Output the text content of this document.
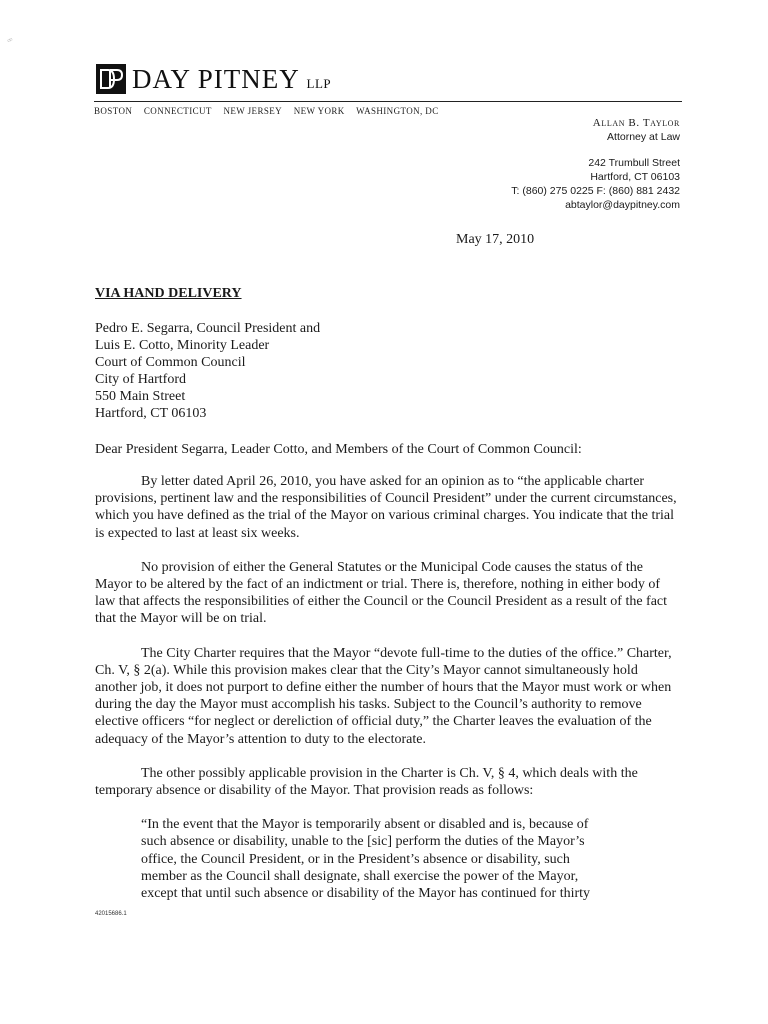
ꟹ
DAY PITNEY LLP
BOSTON CONNECTICUT NEW JERSEY NEW YORK WASHINGTON, DC
Allan B. Taylor
Attorney at Law
242 Trumbull Street
Hartford, CT 06103
T: (860) 275 0225 F: (860) 881 2432
abtaylor@daypitney.com
May 17, 2010
VIA HAND DELIVERY
Pedro E. Segarra, Council President and
Luis E. Cotto, Minority Leader
Court of Common Council
City of Hartford
550 Main Street
Hartford, CT 06103
Dear President Segarra, Leader Cotto, and Members of the Court of Common Council:

By letter dated April 26, 2010, you have asked for an opinion as to “the applicable charter provisions, pertinent law and the responsibilities of Council President” under the current circumstances, which you have defined as the trial of the Mayor on various criminal charges. You indicate that the trial is expected to last at least six weeks.

No provision of either the General Statutes or the Municipal Code causes the status of the Mayor to be altered by the fact of an indictment or trial. There is, therefore, nothing in either body of law that affects the responsibilities of either the Council or the Council President as a result of the fact that the Mayor will be on trial.

The City Charter requires that the Mayor “devote full-time to the duties of the office.” Charter, Ch. V, § 2(a). While this provision makes clear that the City’s Mayor cannot simultaneously hold another job, it does not purport to define either the number of hours that the Mayor must work or when during the day the Mayor must accomplish his tasks. Subject to the Council’s authority to remove elective officers “for neglect or dereliction of official duty,” the Charter leaves the evaluation of the adequacy of the Mayor’s attention to duty to the electorate.

The other possibly applicable provision in the Charter is Ch. V, § 4, which deals with the temporary absence or disability of the Mayor. That provision reads as follows:

“In the event that the Mayor is temporarily absent or disabled and is, because of such absence or disability, unable to the [sic] perform the duties of the Mayor’s office, the Council President, or in the President’s absence or disability, such member as the Council shall designate, shall exercise the power of the Mayor, except that until such absence or disability of the Mayor has continued for thirty

42015686.1
